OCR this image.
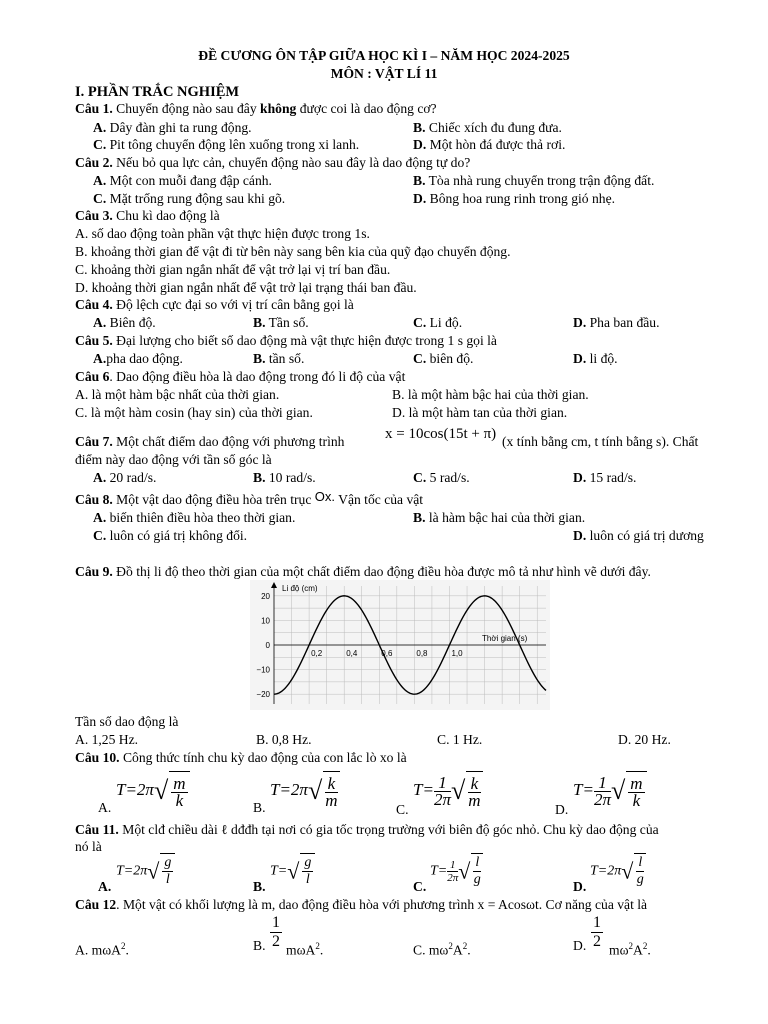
ĐỀ CƯƠNG ÔN TẬP GIỮA HỌC KÌ I – NĂM HỌC 2024-2025
MÔN : VẬT LÍ 11
I. PHẦN TRẮC NGHIỆM
Câu 1. Chuyển động nào sau đây không được coi là dao động cơ?
A. Dây đàn ghi ta rung động.	B. Chiếc xích đu đung đưa.
C. Pit tông chuyển động lên xuống trong xi lanh.	D. Một hòn đá được thả rơi.
Câu 2. Nếu bỏ qua lực cản, chuyển động nào sau đây là dao động tự do?
A. Một con muỗi đang đập cánh.	B. Tòa nhà rung chuyển trong trận động đất.
C. Mặt trống rung động sau khi gõ.	D. Bông hoa rung rinh trong gió nhẹ.
Câu 3. Chu kì dao động là
A. số dao động toàn phần vật thực hiện được trong 1s.
B. khoảng thời gian để vật đi từ bên này sang bên kia của quỹ đạo chuyển động.
C. khoảng thời gian ngắn nhất để vật trở lại vị trí ban đầu.
D. khoảng thời gian ngắn nhất để vật trở lại trạng thái ban đầu.
Câu 4. Độ lệch cực đại so với vị trí cân bằng gọi là
A. Biên độ.	B. Tần số.	C. Li độ.	D. Pha ban đầu.
Câu 5. Đại lượng cho biết số dao động mà vật thực hiện được trong 1 s gọi là
A.pha dao động.	B. tần số.	C. biên độ.	D. li độ.
Câu 6. Dao động điều hòa là dao động trong đó li độ của vật
A. là một hàm bậc nhất của thời gian.	B. là một hàm bậc hai của thời gian.
C. là một hàm cosin (hay sin) của thời gian.	D. là một hàm tan của thời gian.
Câu 7. Một chất điểm dao động với phương trình	x = 10cos(15t + π) (x tính bằng cm, t tính bằng s). Chất
điểm này dao động với tần số góc là
A. 20 rad/s.	B. 10 rad/s.	C. 5 rad/s.	D. 15 rad/s.
Câu 8. Một vật dao động điều hòa trên trục Ox. Vận tốc của vật
A. biến thiên điều hòa theo thời gian.	B. là hàm bậc hai của thời gian.
C. luôn có giá trị không đổi.	D. luôn có giá trị dương
Câu 9. Đồ thị li độ theo thời gian của một chất điểm dao động điều hòa được mô tả như hình vẽ dưới đây.
20
10
0
−10
−20
0,2	0,4	0,6	0,8	1,0
Li độ (cm)
Thời gian (s)
Tần số dao động là
A. 1,25 Hz.	B. 0,8 Hz.	C. 1 Hz.	D. 20 Hz.
Câu 10. Công thức tính chu kỳ dao động của con lắc lò xo là
A.
$T=2\pi√ \frac{m}{k}$	B.
$T=2\pi√ \frac{k}{m}$
C.
$T= \frac{1}{2\pi}$ √ $\frac{k}{m}$
D.
$T= \frac{1}{2\pi}$ √ $\frac{m}{k}$
Câu 11. Một clđ chiều dài ℓ dđđh tại nơi có gia tốc trọng trường với biên độ góc nhỏ. Chu kỳ dao động của
nó là
A.
$T=2\pi√ \frac{g}{l}$	B.
$T=√ \frac{g}{l}$	C.
$T= \frac{1}{2\pi}$ √ $\frac{l}{g}$	D.
$T=2\pi√ \frac{l}{g}$
Câu 12. Một vật có khối lượng là m, dao động điều hòa với phương trình x = Acosωt. Cơ năng của vật là
A. mωA$^2$.	B. $\frac{1}{2} m\omega A^2$.	C. $m\omega^2A^2$.	D. $\frac{1}{2} m\omega^2A^2$.
